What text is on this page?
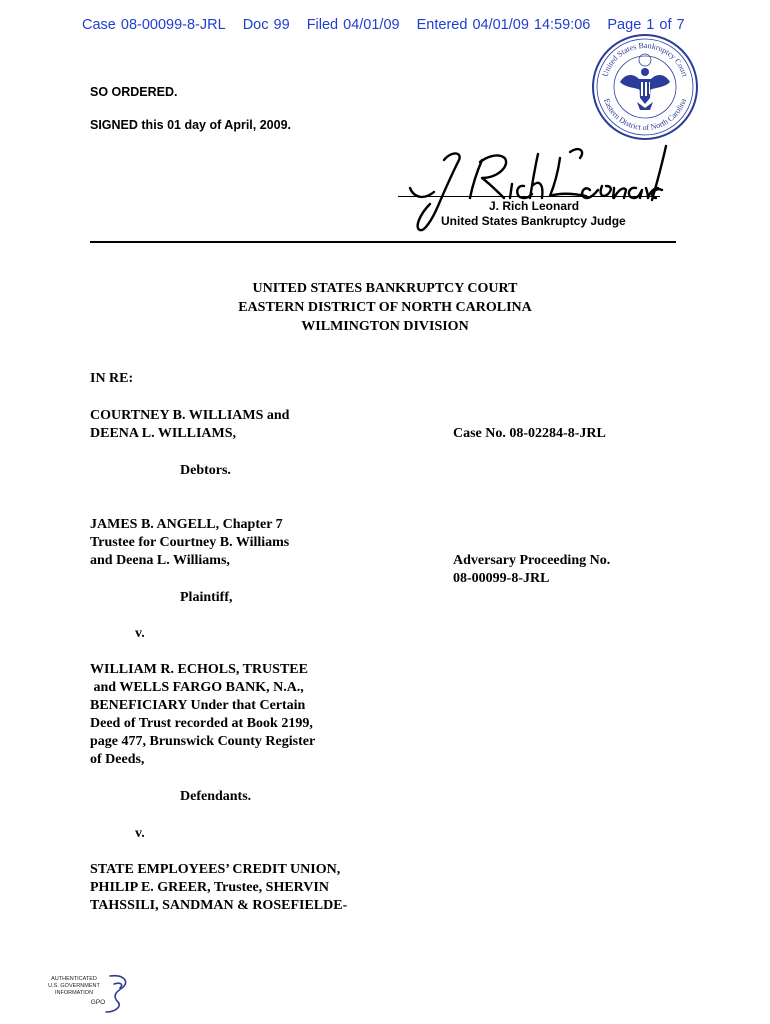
Case 08-00099-8-JRL Doc 99 Filed 04/01/09 Entered 04/01/09 14:59:06 Page 1 of 7
United States Bankruptcy Court
Eastern District of North Carolina
SO ORDERED.
SIGNED this 01 day of April, 2009.
J. Rich Leonard
United States Bankruptcy Judge
UNITED STATES BANKRUPTCY COURT
EASTERN DISTRICT OF NORTH CAROLINA
WILMINGTON DIVISION
IN RE:
COURTNEY B. WILLIAMS and
DEENA L. WILLIAMS,	Case No. 08-02284-8-JRL
Debtors.
JAMES B. ANGELL, Chapter 7
Trustee for Courtney B. Williams
and Deena L. Williams,	Adversary Proceeding No.
08-00099-8-JRL
Plaintiff,
v.
WILLIAM R. ECHOLS, TRUSTEE
and WELLS FARGO BANK, N.A.,
BENEFICIARY Under that Certain
Deed of Trust recorded at Book 2199,
page 477, Brunswick County Register
of Deeds,
Defendants.
v.
STATE EMPLOYEES’ CREDIT UNION,
PHILIP E. GREER, Trustee, SHERVIN
TAHSSILI, SANDMAN & ROSEFIELDE-
AUTHENTICATED
U.S. GOVERNMENT
INFORMATION
GPO
